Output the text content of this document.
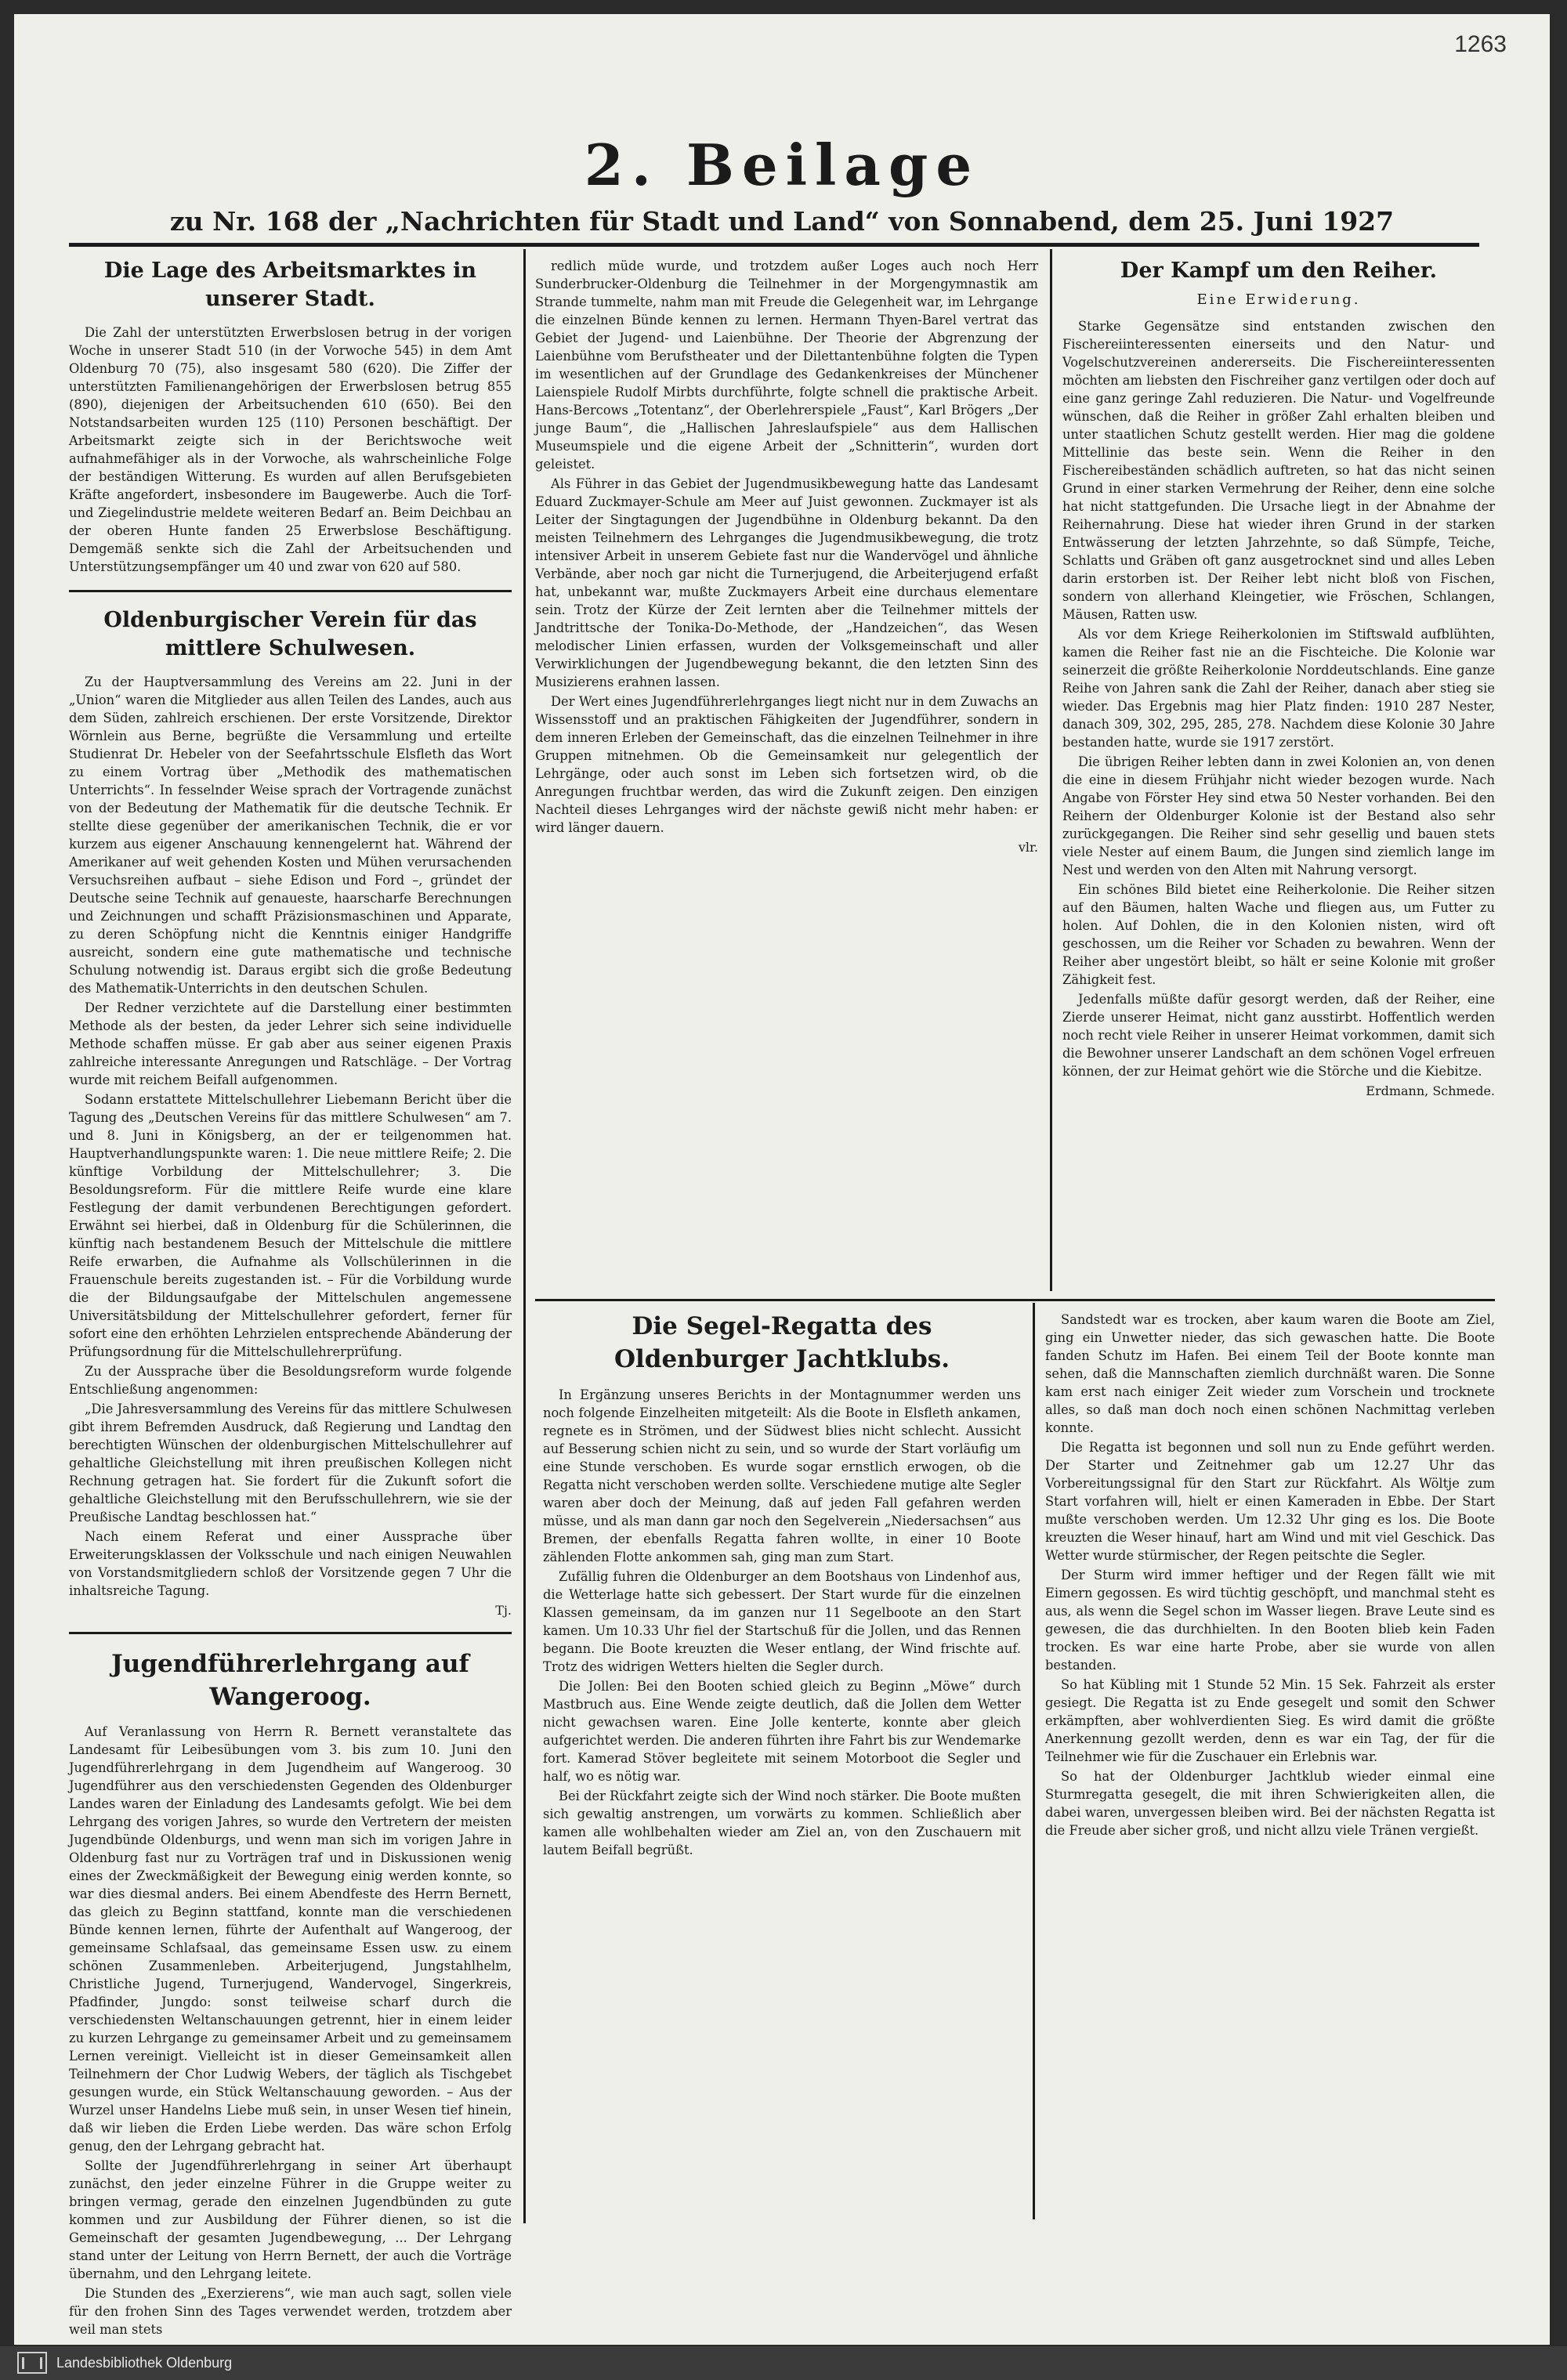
1263
2. Beilage
zu Nr. 168 der „Nachrichten für Stadt und Land“ von Sonnabend, dem 25. Juni 1927
Die Lage des Arbeitsmarktes in unserer Stadt.

Die Zahl der unterstützten Erwerbslosen betrug in der vorigen Woche in unserer Stadt 510 (in der Vorwoche 545) in dem Amt Oldenburg 70 (75), also insgesamt 580 (620). Die Ziffer der unterstützten Familienangehörigen der Erwerbslosen betrug 855 (890), diejenigen der Arbeitsuchenden 610 (650). Bei den Notstandsarbeiten wurden 125 (110) Personen beschäftigt. Der Arbeitsmarkt zeigte sich in der Berichtswoche weit aufnahmefähiger als in der Vorwoche, als wahrscheinliche Folge der beständigen Witterung. Es wurden auf allen Berufsgebieten Kräfte angefordert, insbesondere im Baugewerbe. Auch die Torf- und Ziegelindustrie meldete weiteren Bedarf an. Beim Deichbau an der oberen Hunte fanden 25 Erwerbslose Beschäftigung. Demgemäß senkte sich die Zahl der Arbeitsuchenden und Unterstützungsempfänger um 40 und zwar von 620 auf 580.

Oldenburgischer Verein für das mittlere Schulwesen.

Zu der Hauptversammlung des Vereins am 22. Juni in der „Union“ waren die Mitglieder aus allen Teilen des Landes, auch aus dem Süden, zahlreich erschienen. Der erste Vorsitzende, Direktor Wörnlein aus Berne, begrüßte die Versammlung und erteilte Studienrat Dr. Hebeler von der Seefahrtsschule Elsfleth das Wort zu einem Vortrag über „Methodik des mathematischen Unterrichts“. In fesselnder Weise sprach der Vortragende zunächst von der Bedeutung der Mathematik für die deutsche Technik. Er stellte diese gegenüber der amerikanischen Technik, die er vor kurzem aus eigener Anschauung kennengelernt hat. Während der Amerikaner auf weit gehenden Kosten und Mühen verursachenden Versuchsreihen aufbaut – siehe Edison und Ford –, gründet der Deutsche seine Technik auf genaueste, haarscharfe Berechnungen und Zeichnungen und schafft Präzisionsmaschinen und Apparate, zu deren Schöpfung nicht die Kenntnis einiger Handgriffe ausreicht, sondern eine gute mathematische und technische Schulung notwendig ist. Daraus ergibt sich die große Bedeutung des Mathematik-Unterrichts in den deutschen Schulen.

Der Redner verzichtete auf die Darstellung einer bestimmten Methode als der besten, da jeder Lehrer sich seine individuelle Methode schaffen müsse. Er gab aber aus seiner eigenen Praxis zahlreiche interessante Anregungen und Ratschläge. – Der Vortrag wurde mit reichem Beifall aufgenommen.

Sodann erstattete Mittelschullehrer Liebemann Bericht über die Tagung des „Deutschen Vereins für das mittlere Schulwesen“ am 7. und 8. Juni in Königsberg, an der er teilgenommen hat. Hauptverhandlungspunkte waren: 1. Die neue mittlere Reife; 2. Die künftige Vorbildung der Mittelschullehrer; 3. Die Besoldungsreform. Für die mittlere Reife wurde eine klare Festlegung der damit verbundenen Berechtigungen gefordert. Erwähnt sei hierbei, daß in Oldenburg für die Schülerinnen, die künftig nach bestandenem Besuch der Mittelschule die mittlere Reife erwarben, die Aufnahme als Vollschülerinnen in die Frauenschule bereits zugestanden ist. – Für die Vorbildung wurde die der Bildungsaufgabe der Mittelschulen angemessene Universitätsbildung der Mittelschullehrer gefordert, ferner für sofort eine den erhöhten Lehrzielen entsprechende Abänderung der Prüfungsordnung für die Mittelschullehrerprüfung.

Zu der Aussprache über die Besoldungsreform wurde folgende Entschließung angenommen:

„Die Jahresversammlung des Vereins für das mittlere Schulwesen gibt ihrem Befremden Ausdruck, daß Regierung und Landtag den berechtigten Wünschen der oldenburgischen Mittelschullehrer auf gehaltliche Gleichstellung mit ihren preußischen Kollegen nicht Rechnung getragen hat. Sie fordert für die Zukunft sofort die gehaltliche Gleichstellung mit den Berufsschullehrern, wie sie der Preußische Landtag beschlossen hat.“

Nach einem Referat und einer Aussprache über Erweiterungsklassen der Volksschule und nach einigen Neuwahlen von Vorstandsmitgliedern schloß der Vorsitzende gegen 7 Uhr die inhaltsreiche Tagung.

Tj.
Jugendführerlehrgang auf Wangeroog.

Auf Veranlassung von Herrn R. Bernett veranstaltete das Landesamt für Leibesübungen vom 3. bis zum 10. Juni den Jugendführerlehrgang in dem Jugendheim auf Wangeroog. 30 Jugendführer aus den verschiedensten Gegenden des Oldenburger Landes waren der Einladung des Landesamts gefolgt. Wie bei dem Lehrgang des vorigen Jahres, so wurde den Vertretern der meisten Jugendbünde Oldenburgs, und wenn man sich im vorigen Jahre in Oldenburg fast nur zu Vorträgen traf und in Diskussionen wenig eines der Zweckmäßigkeit der Bewegung einig werden konnte, so war dies diesmal anders. Bei einem Abendfeste des Herrn Bernett, das gleich zu Beginn stattfand, konnte man die verschiedenen Bünde kennen lernen, führte der Aufenthalt auf Wangeroog, der gemeinsame Schlafsaal, das gemeinsame Essen usw. zu einem schönen Zusammenleben. Arbeiterjugend, Jungstahlhelm, Christliche Jugend, Turnerjugend, Wandervogel, Singerkreis, Pfadfinder, Jungdo: sonst teilweise scharf durch die verschiedensten Weltanschauungen getrennt, hier in einem leider zu kurzen Lehrgange zu gemeinsamer Arbeit und zu gemeinsamem Lernen vereinigt. Vielleicht ist in dieser Gemeinsamkeit allen Teilnehmern der Chor Ludwig Webers, der täglich als Tischgebet gesungen wurde, ein Stück Weltanschauung geworden. – Aus der Wurzel unser Handelns Liebe muß sein, in unser Wesen tief hinein, daß wir lieben die Erden Liebe werden. Das wäre schon Erfolg genug, den der Lehrgang gebracht hat.

Sollte der Jugendführerlehrgang in seiner Art überhaupt zunächst, den jeder einzelne Führer in die Gruppe weiter zu bringen vermag, gerade den einzelnen Jugendbünden zu gute kommen und zur Ausbildung der Führer dienen, so ist die Gemeinschaft der gesamten Jugendbewegung, ... Der Lehrgang stand unter der Leitung von Herrn Bernett, der auch die Vorträge übernahm, und den Lehrgang leitete.

Die Stunden des „Exerzierens“, wie man auch sagt, sollen viele für den frohen Sinn des Tages verwendet werden, trotzdem aber weil man stets

redlich müde wurde, und trotzdem außer Loges auch noch Herr Sunderbrucker-Oldenburg die Teilnehmer in der Morgengymnastik am Strande tummelte, nahm man mit Freude die Gelegenheit war, im Lehrgange die einzelnen Bünde kennen zu lernen. Hermann Thyen-Barel vertrat das Gebiet der Jugend- und Laienbühne. Der Theorie der Abgrenzung der Laienbühne vom Berufstheater und der Dilettantenbühne folgten die Typen im wesentlichen auf der Grundlage des Gedankenkreises der Münchener Laienspiele Rudolf Mirbts durchführte, folgte schnell die praktische Arbeit. Hans-Bercows „Totentanz“, der Oberlehrerspiele „Faust“, Karl Brögers „Der junge Baum“, die „Hallischen Jahreslaufspiele“ aus dem Hallischen Museumspiele und die eigene Arbeit der „Schnitterin“, wurden dort geleistet.

Als Führer in das Gebiet der Jugendmusikbewegung hatte das Landesamt Eduard Zuckmayer-Schule am Meer auf Juist gewonnen. Zuckmayer ist als Leiter der Singtagungen der Jugendbühne in Oldenburg bekannt. Da den meisten Teilnehmern des Lehrganges die Jugendmusikbewegung, die trotz intensiver Arbeit in unserem Gebiete fast nur die Wandervögel und ähnliche Verbände, aber noch gar nicht die Turnerjugend, die Arbeiterjugend erfaßt hat, unbekannt war, mußte Zuckmayers Arbeit eine durchaus elementare sein. Trotz der Kürze der Zeit lernten aber die Teilnehmer mittels der Jandtrittsche der Tonika-Do-Methode, der „Handzeichen“, das Wesen melodischer Linien erfassen, wurden der Volksgemeinschaft und aller Verwirklichungen der Jugendbewegung bekannt, die den letzten Sinn des Musizierens erahnen lassen.

Der Wert eines Jugendführerlehrganges liegt nicht nur in dem Zuwachs an Wissensstoff und an praktischen Fähigkeiten der Jugendführer, sondern in dem inneren Erleben der Gemeinschaft, das die einzelnen Teilnehmer in ihre Gruppen mitnehmen. Ob die Gemeinsamkeit nur gelegentlich der Lehrgänge, oder auch sonst im Leben sich fortsetzen wird, ob die Anregungen fruchtbar werden, das wird die Zukunft zeigen. Den einzigen Nachteil dieses Lehrganges wird der nächste gewiß nicht mehr haben: er wird länger dauern.

vlr.
Der Kampf um den Reiher.
Eine Erwiderung.

Starke Gegensätze sind entstanden zwischen den Fischereiinteressenten einerseits und den Natur- und Vogelschutzvereinen andererseits. Die Fischereiinteressenten möchten am liebsten den Fischreiher ganz vertilgen oder doch auf eine ganz geringe Zahl reduzieren. Die Natur- und Vogelfreunde wünschen, daß die Reiher in größer Zahl erhalten bleiben und unter staatlichen Schutz gestellt werden. Hier mag die goldene Mittellinie das beste sein. Wenn die Reiher in den Fischereibeständen schädlich auftreten, so hat das nicht seinen Grund in einer starken Vermehrung der Reiher, denn eine solche hat nicht stattgefunden. Die Ursache liegt in der Abnahme der Reihernahrung. Diese hat wieder ihren Grund in der starken Entwässerung der letzten Jahrzehnte, so daß Sümpfe, Teiche, Schlatts und Gräben oft ganz ausgetrocknet sind und alles Leben darin erstorben ist. Der Reiher lebt nicht bloß von Fischen, sondern von allerhand Kleingetier, wie Fröschen, Schlangen, Mäusen, Ratten usw.

Als vor dem Kriege Reiherkolonien im Stiftswald aufblühten, kamen die Reiher fast nie an die Fischteiche. Die Kolonie war seinerzeit die größte Reiherkolonie Norddeutschlands. Eine ganze Reihe von Jahren sank die Zahl der Reiher, danach aber stieg sie wieder. Das Ergebnis mag hier Platz finden: 1910 287 Nester, danach 309, 302, 295, 285, 278. Nachdem diese Kolonie 30 Jahre bestanden hatte, wurde sie 1917 zerstört.

Die übrigen Reiher lebten dann in zwei Kolonien an, von denen die eine in diesem Frühjahr nicht wieder bezogen wurde. Nach Angabe von Förster Hey sind etwa 50 Nester vorhanden. Bei den Reihern der Oldenburger Kolonie ist der Bestand also sehr zurückgegangen. Die Reiher sind sehr gesellig und bauen stets viele Nester auf einem Baum, die Jungen sind ziemlich lange im Nest und werden von den Alten mit Nahrung versorgt.

Ein schönes Bild bietet eine Reiherkolonie. Die Reiher sitzen auf den Bäumen, halten Wache und fliegen aus, um Futter zu holen. Auf Dohlen, die in den Kolonien nisten, wird oft geschossen, um die Reiher vor Schaden zu bewahren. Wenn der Reiher aber ungestört bleibt, so hält er seine Kolonie mit großer Zähigkeit fest.

Jedenfalls müßte dafür gesorgt werden, daß der Reiher, eine Zierde unserer Heimat, nicht ganz ausstirbt. Hoffentlich werden noch recht viele Reiher in unserer Heimat vorkommen, damit sich die Bewohner unserer Landschaft an dem schönen Vogel erfreuen können, der zur Heimat gehört wie die Störche und die Kiebitze.

Erdmann, Schmede.
Die Segel-Regatta des Oldenburger Jachtklubs.

In Ergänzung unseres Berichts in der Montagnummer werden uns noch folgende Einzelheiten mitgeteilt: Als die Boote in Elsfleth ankamen, regnete es in Strömen, und der Südwest blies nicht schlecht. Aussicht auf Besserung schien nicht zu sein, und so wurde der Start vorläufig um eine Stunde verschoben. Es wurde sogar ernstlich erwogen, ob die Regatta nicht verschoben werden sollte. Verschiedene mutige alte Segler waren aber doch der Meinung, daß auf jeden Fall gefahren werden müsse, und als man dann gar noch den Segelverein „Niedersachsen“ aus Bremen, der ebenfalls Regatta fahren wollte, in einer 10 Boote zählenden Flotte ankommen sah, ging man zum Start.

Zufällig fuhren die Oldenburger an dem Bootshaus von Lindenhof aus, die Wetterlage hatte sich gebessert. Der Start wurde für die einzelnen Klassen gemeinsam, da im ganzen nur 11 Segelboote an den Start kamen. Um 10.33 Uhr fiel der Startschuß für die Jollen, und das Rennen begann. Die Boote kreuzten die Weser entlang, der Wind frischte auf. Trotz des widrigen Wetters hielten die Segler durch.

Die Jollen: Bei den Booten schied gleich zu Beginn „Möwe“ durch Mastbruch aus. Eine Wende zeigte deutlich, daß die Jollen dem Wetter nicht gewachsen waren. Eine Jolle kenterte, konnte aber gleich aufgerichtet werden. Die anderen führten ihre Fahrt bis zur Wendemarke fort. Kamerad Stöver begleitete mit seinem Motorboot die Segler und half, wo es nötig war.

Bei der Rückfahrt zeigte sich der Wind noch stärker. Die Boote mußten sich gewaltig anstrengen, um vorwärts zu kommen. Schließlich aber kamen alle wohlbehalten wieder am Ziel an, von den Zuschauern mit lautem Beifall begrüßt.

Sandstedt war es trocken, aber kaum waren die Boote am Ziel, ging ein Unwetter nieder, das sich gewaschen hatte. Die Boote fanden Schutz im Hafen. Bei einem Teil der Boote konnte man sehen, daß die Mannschaften ziemlich durchnäßt waren. Die Sonne kam erst nach einiger Zeit wieder zum Vorschein und trocknete alles, so daß man doch noch einen schönen Nachmittag verleben konnte.

Die Regatta ist begonnen und soll nun zu Ende geführt werden. Der Starter und Zeitnehmer gab um 12.27 Uhr das Vorbereitungssignal für den Start zur Rückfahrt. Als Wöltje zum Start vorfahren will, hielt er einen Kameraden in Ebbe. Der Start mußte verschoben werden. Um 12.32 Uhr ging es los. Die Boote kreuzten die Weser hinauf, hart am Wind und mit viel Geschick. Das Wetter wurde stürmischer, der Regen peitschte die Segler.

Der Sturm wird immer heftiger und der Regen fällt wie mit Eimern gegossen. Es wird tüchtig geschöpft, und manchmal steht es aus, als wenn die Segel schon im Wasser liegen. Brave Leute sind es gewesen, die das durchhielten. In den Booten blieb kein Faden trocken. Es war eine harte Probe, aber sie wurde von allen bestanden.

So hat Kübling mit 1 Stunde 52 Min. 15 Sek. Fahrzeit als erster gesiegt. Die Regatta ist zu Ende gesegelt und somit den Schwer erkämpften, aber wohlverdienten Sieg. Es wird damit die größte Anerkennung gezollt werden, denn es war ein Tag, der für die Teilnehmer wie für die Zuschauer ein Erlebnis war.

So hat der Oldenburger Jachtklub wieder einmal eine Sturmregatta gesegelt, die mit ihren Schwierigkeiten allen, die dabei waren, unvergessen bleiben wird. Bei der nächsten Regatta ist die Freude aber sicher groß, und nicht allzu viele Tränen vergießt.

Landesbibliothek Oldenburg
